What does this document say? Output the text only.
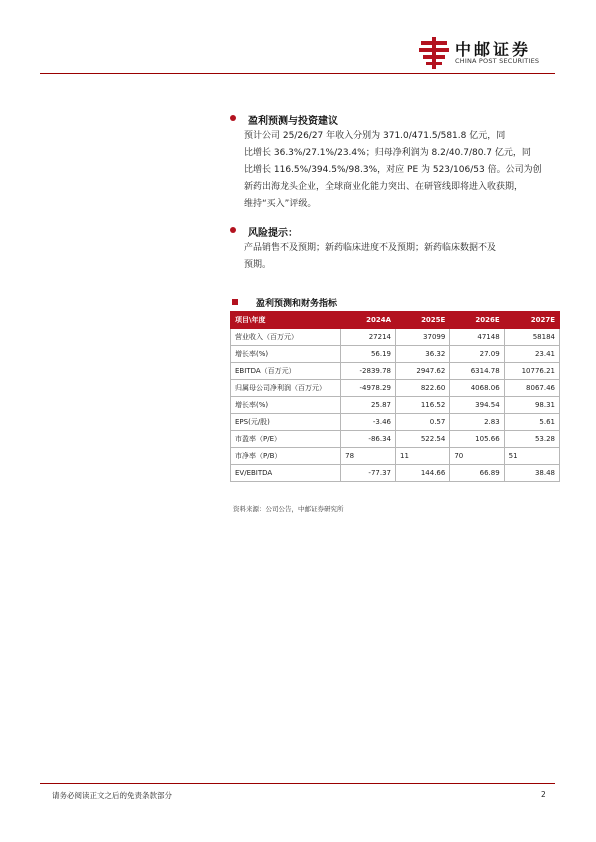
中邮证券
CHINA POST SECURITIES
盈利预测与投资建议
预计公司 25/26/27 年收入分别为 371.0/471.5/581.8 亿元，同
比增长 36.3%/27.1%/23.4%；归母净利润为 8.2/40.7/80.7 亿元，同
比增长 116.5%/394.5%/98.3%，对应 PE 为 523/106/53 倍。公司为创
新药出海龙头企业，全球商业化能力突出、在研管线即将进入收获期，
维持“买入”评级。
风险提示：
产品销售不及预期；新药临床进度不及预期；新药临床数据不及
预期。
盈利预测和财务指标
项目\年度	2024A	2025E	2026E	2027E
营业收入（百万元）	27214	37099	47148	58184
增长率(%)	56.19	36.32	27.09	23.41
EBITDA（百万元）	-2839.78	2947.62	6314.78	10776.21
归属母公司净利润（百万元）	-4978.29	822.60	4068.06	8067.46
增长率(%)	25.87	116.52	394.54	98.31
EPS(元/股)	-3.46	0.57	2.83	5.61
市盈率（P/E）	-86.34	522.54	105.66	53.28
市净率（P/B）	78	11	70	51
EV/EBITDA	-77.37	144.66	66.89	38.48
资料来源：公司公告，中邮证券研究所
请务必阅读正文之后的免责条款部分	2
